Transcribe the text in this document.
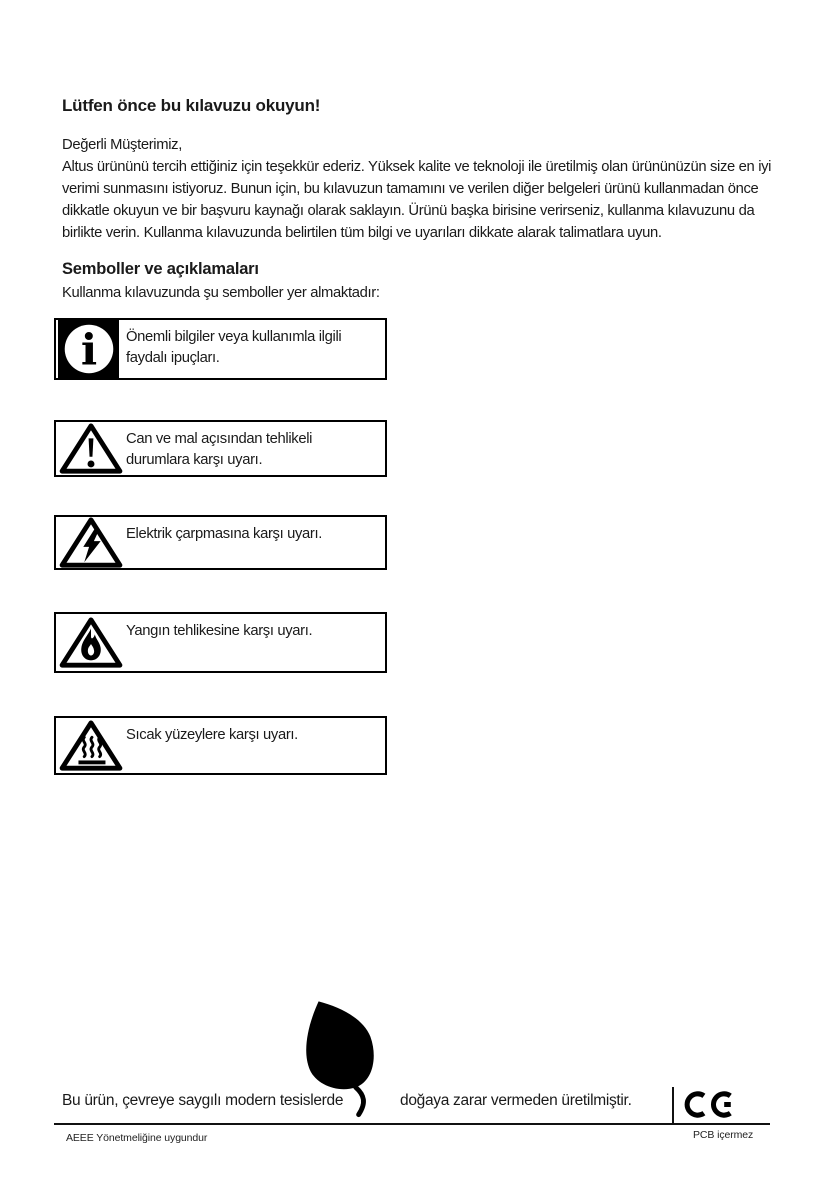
Lütfen önce bu kılavuzu okuyun!
Değerli Müşterimiz,
Altus ürününü tercih ettiğiniz için teşekkür ederiz. Yüksek kalite ve teknoloji ile üretilmiş olan ürününüzün size en iyi
verimi sunmasını istiyoruz. Bunun için, bu kılavuzun tamamını ve verilen diğer belgeleri ürünü kullanmadan önce
dikkatle okuyun ve bir başvuru kaynağı olarak saklayın. Ürünü başka birisine verirseniz, kullanma kılavuzunu da
birlikte verin. Kullanma kılavuzunda belirtilen tüm bilgi ve uyarıları dikkate alarak talimatlara uyun.
Semboller ve açıklamaları
Kullanma kılavuzunda şu semboller yer almaktadır:
i Önemli bilgiler veya kullanımla ilgili
faydalı ipuçları.
Can ve mal açısından tehlikeli
durumlara karşı uyarı.
Elektrik çarpmasına karşı uyarı.
Yangın tehlikesine karşı uyarı.
Sıcak yüzeylere karşı uyarı.
Bu ürün, çevreye saygılı modern tesislerde	doğaya zarar vermeden üretilmiştir.
AEEE Yönetmeliğine uygundur	PCB içermez
